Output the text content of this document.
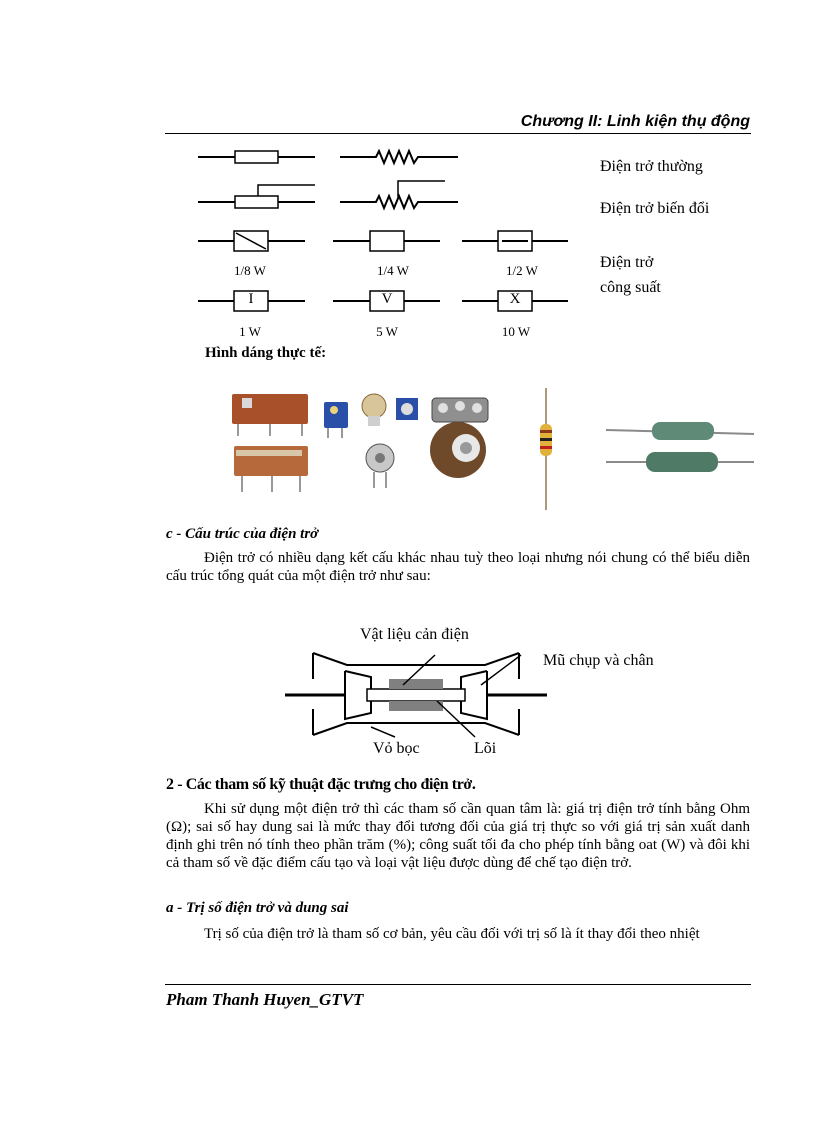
Chương II: Linh kiện thụ động
1/8 W	1/4 W	1/2 W
I	V	X
1 W	5 W	10 W
Điện trở thường
Điện trở biến đổi
Điện trở
công suất
Hình dáng thực tế:
c - Cấu trúc của điện trở

Điện trở có nhiều dạng kết cấu khác nhau tuỳ theo loại nhưng nói chung có thể biểu diễn cấu trúc tổng quát của một điện trở như sau:

Vật liệu cản điện
Mũ chụp và chân
Vỏ bọc	Lõi
2 - Các tham số kỹ thuật đặc trưng cho điện trở.

Khi sử dụng một điện trở thì các tham số cần quan tâm là: giá trị điện trở tính bằng Ohm (Ω); sai số hay dung sai là mức thay đổi tương đối của giá trị thực so với giá trị sản xuất danh định ghi trên nó tính theo phần trăm (%); công suất tối đa cho phép tính bằng oat (W) và đôi khi cả tham số về đặc điểm cấu tạo và loại vật liệu được dùng để chế tạo điện trở.

a - Trị số điện trở và dung sai

Trị số của điện trở là tham số cơ bản, yêu cầu đối với trị số là ít thay đổi theo nhiệt

Pham Thanh Huyen_GTVT
